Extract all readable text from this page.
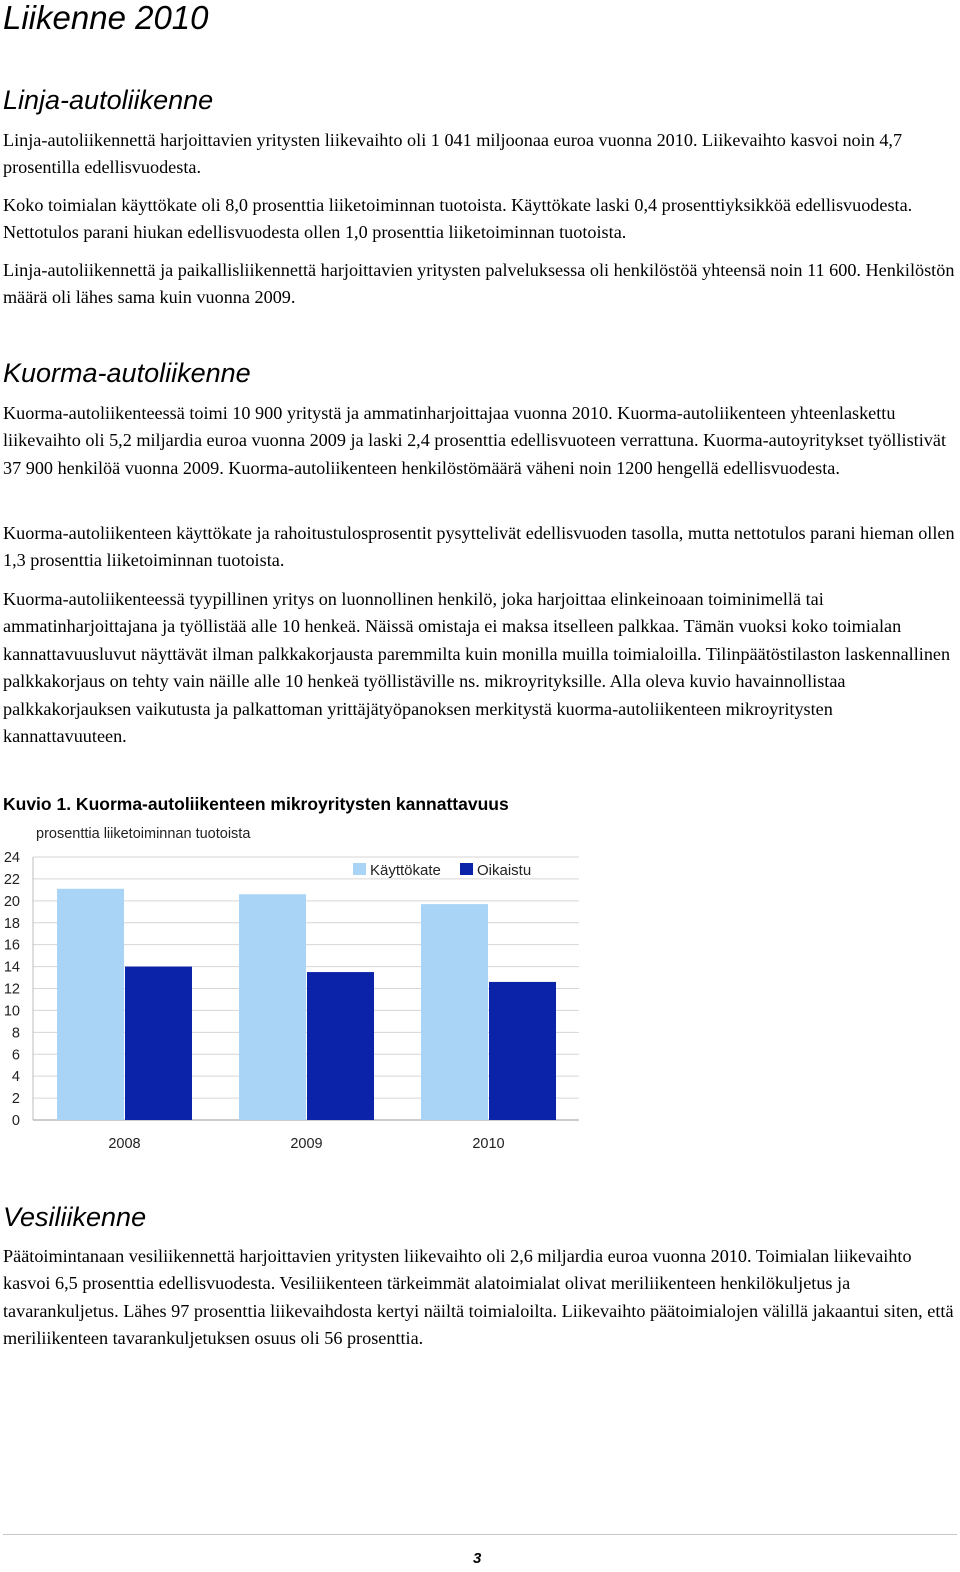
Liikenne 2010
Linja-autoliikenne

Linja-autoliikennettä harjoittavien yritysten liikevaihto oli 1 041 miljoonaa euroa vuonna 2010. Liikevaihto kasvoi noin 4,7 prosentilla edellisvuodesta.

Koko toimialan käyttökate oli 8,0 prosenttia liiketoiminnan tuotoista. Käyttökate laski 0,4 prosenttiyksikköä edellisvuodesta. Nettotulos parani hiukan edellisvuodesta ollen 1,0 prosenttia liiketoiminnan tuotoista.

Linja-autoliikennettä ja paikallisliikennettä harjoittavien yritysten palveluksessa oli henkilöstöä yhteensä noin 11 600. Henkilöstön määrä oli lähes sama kuin vuonna 2009.

Kuorma-autoliikenne

Kuorma-autoliikenteessä toimi 10 900 yritystä ja ammatinharjoittajaa vuonna 2010. Kuorma-autoliikenteen yhteenlaskettu liikevaihto oli 5,2 miljardia euroa vuonna 2009 ja laski 2,4 prosenttia edellisvuoteen verrattuna. Kuorma-autoyritykset työllistivät 37 900 henkilöä vuonna 2009. Kuorma-autoliikenteen henkilöstömäärä väheni noin 1200 hengellä edellisvuodesta.

Kuorma-autoliikenteen käyttökate ja rahoitustulosprosentit pysyttelivät edellisvuoden tasolla, mutta nettotulos parani hieman ollen 1,3 prosenttia liiketoiminnan tuotoista.

Kuorma-autoliikenteessä tyypillinen yritys on luonnollinen henkilö, joka harjoittaa elinkeinoaan toiminimellä tai ammatinharjoittajana ja työllistää alle 10 henkeä. Näissä omistaja ei maksa itselleen palkkaa. Tämän vuoksi koko toimialan kannattavuusluvut näyttävät ilman palkkakorjausta paremmilta kuin monilla muilla toimialoilla. Tilinpäätöstilaston laskennallinen palkkakorjaus on tehty vain näille alle 10 henkeä työllistäville ns. mikroyrityksille. Alla oleva kuvio havainnollistaa palkkakorjauksen vaikutusta ja palkattoman yrittäjätyöpanoksen merkitystä kuorma-autoliikenteen mikroyritysten kannattavuuteen.

Kuvio 1. Kuorma-autoliikenteen mikroyritysten kannattavuus
prosenttia liiketoiminnan tuotoista
0
2
4
6
8
10
12
14
16
18
20
22
24
2008	2009	2010
Käyttökate Oikaistu
Vesiliikenne

Päätoimintanaan vesiliikennettä harjoittavien yritysten liikevaihto oli 2,6 miljardia euroa vuonna 2010. Toimialan liikevaihto kasvoi 6,5 prosenttia edellisvuodesta. Vesiliikenteen tärkeimmät alatoimialat olivat meriliikenteen henkilökuljetus ja tavarankuljetus. Lähes 97 prosenttia liikevaihdosta kertyi näiltä toimialoilta. Liikevaihto päätoimialojen välillä jakaantui siten, että meriliikenteen tavarankuljetuksen osuus oli 56 prosenttia.

3
